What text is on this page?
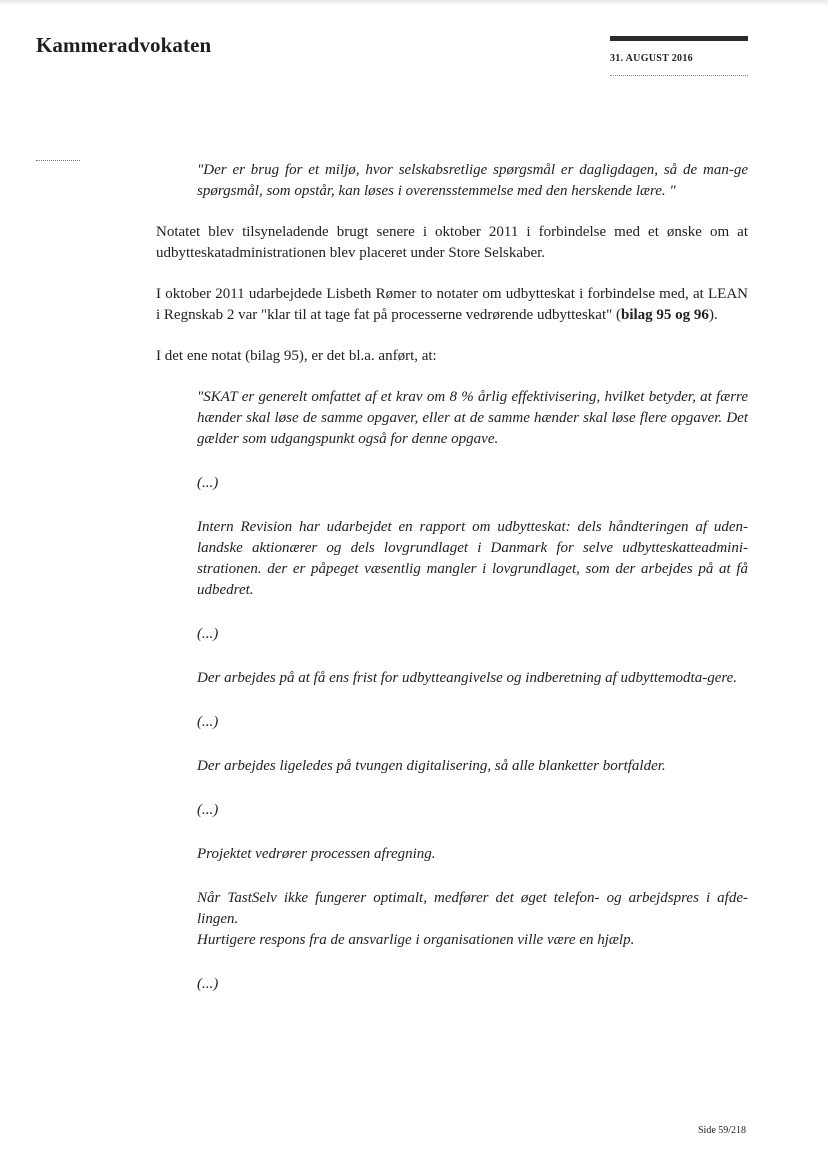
Kammeradvokaten
31. AUGUST 2016

"Der er brug for et miljø, hvor selskabsretlige spørgsmål er dagligdagen, så de man-ge spørgsmål, som opstår, kan løses i overensstemmelse med den herskende lære. "

Notatet blev tilsyneladende brugt senere i oktober 2011 i forbindelse med et ønske om at udbytteskatadministrationen blev placeret under Store Selskaber.

I oktober 2011 udarbejdede Lisbeth Rømer to notater om udbytteskat i forbindelse med, at LEAN i Regnskab 2 var "klar til at tage fat på processerne vedrørende udbytteskat" (bilag 95 og 96).

I det ene notat (bilag 95), er det bl.a. anført, at:

"SKAT er generelt omfattet af et krav om 8 % årlig effektivisering, hvilket betyder, at færre hænder skal løse de samme opgaver, eller at de samme hænder skal løse flere opgaver. Det gælder som udgangspunkt også for denne opgave.

(...)

Intern Revision har udarbejdet en rapport om udbytteskat: dels håndteringen af uden-landske aktionærer og dels lovgrundlaget i Danmark for selve udbytteskatteadmini-strationen. der er påpeget væsentlig mangler i lovgrundlaget, som der arbejdes på at få udbedret.

(...)

Der arbejdes på at få ens frist for udbytteangivelse og indberetning af udbyttemodta-gere.

(...)

Der arbejdes ligeledes på tvungen digitalisering, så alle blanketter bortfalder.

(...)

Projektet vedrører processen afregning.

Når TastSelv ikke fungerer optimalt, medfører det øget telefon- og arbejdspres i afde-lingen.

Hurtigere respons fra de ansvarlige i organisationen ville være en hjælp.

(...)

Side 59/218
